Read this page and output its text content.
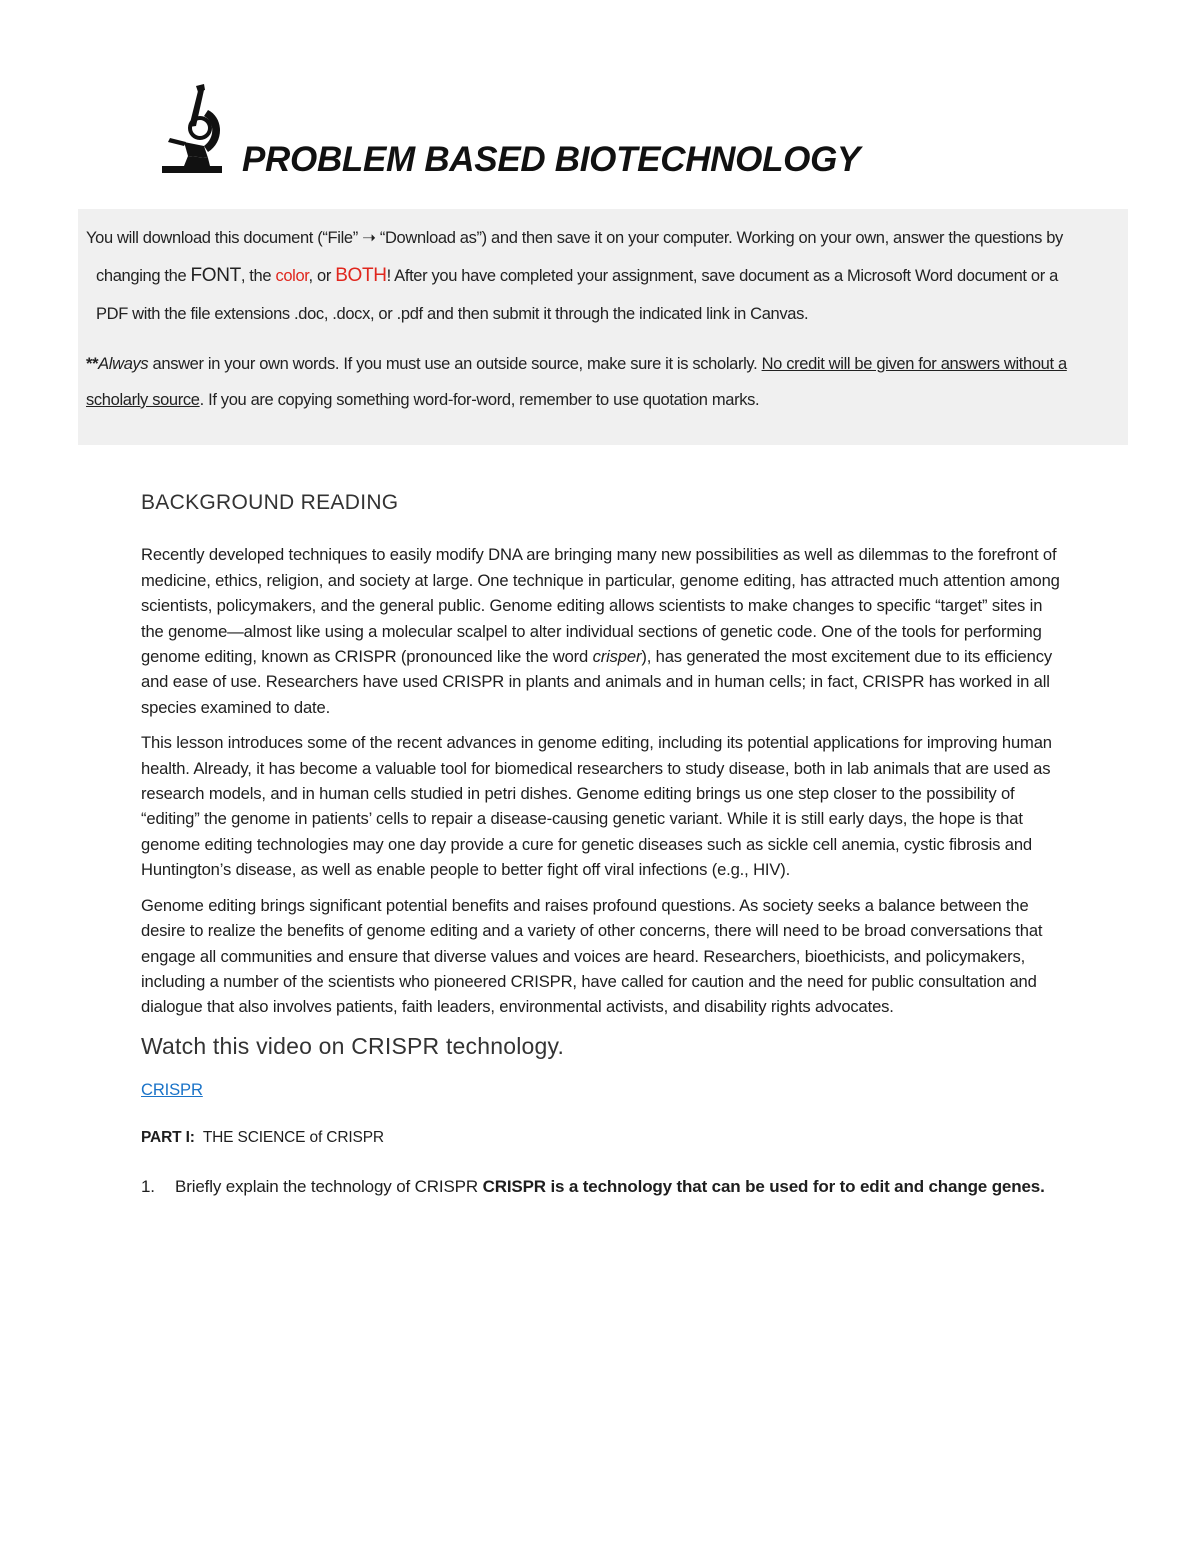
PROBLEM BASED BIOTECHNOLOGY
You will download this document (“File” ➝ “Download as”) and then save it on your computer. Working on your own, answer the questions by
changing the FONT, the color, or BOTH! After you have completed your assignment, save document as a Microsoft Word document or a
PDF with the file extensions .doc, .docx, or .pdf and then submit it through the indicated link in Canvas.
**Always answer in your own words. If you must use an outside source, make sure it is scholarly. No credit will be given for answers without a scholarly source. If you are copying something word-for-word, remember to use quotation marks.
BACKGROUND READING

Recently developed techniques to easily modify DNA are bringing many new possibilities as well as dilemmas to the forefront of medicine, ethics, religion, and society at large. One technique in particular, genome editing, has attracted much attention among scientists, policymakers, and the general public. Genome editing allows scientists to make changes to specific “target” sites in the genome—almost like using a molecular scalpel to alter individual sections of genetic code. One of the tools for performing genome editing, known as CRISPR (pronounced like the word crisper), has generated the most excitement due to its efficiency and ease of use. Researchers have used CRISPR in plants and animals and in human cells; in fact, CRISPR has worked in all species examined to date.

This lesson introduces some of the recent advances in genome editing, including its potential applications for improving human health. Already, it has become a valuable tool for biomedical researchers to study disease, both in lab animals that are used as research models, and in human cells studied in petri dishes. Genome editing brings us one step closer to the possibility of “editing” the genome in patients’ cells to repair a disease-causing genetic variant. While it is still early days, the hope is that genome editing technologies may one day provide a cure for genetic diseases such as sickle cell anemia, cystic fibrosis and Huntington’s disease, as well as enable people to better fight off viral infections (e.g., HIV).

Genome editing brings significant potential benefits and raises profound questions. As society seeks a balance between the desire to realize the benefits of genome editing and a variety of other concerns, there will need to be broad conversations that engage all communities and ensure that diverse values and voices are heard. Researchers, bioethicists, and policymakers, including a number of the scientists who pioneered CRISPR, have called for caution and the need for public consultation and dialogue that also involves patients, faith leaders, environmental activists, and disability rights advocates.

Watch this video on CRISPR technology.
CRISPR
PART I:  THE SCIENCE of CRISPR
1.	Briefly explain the technology of CRISPR CRISPR is a technology that can be used for to edit and change genes.
